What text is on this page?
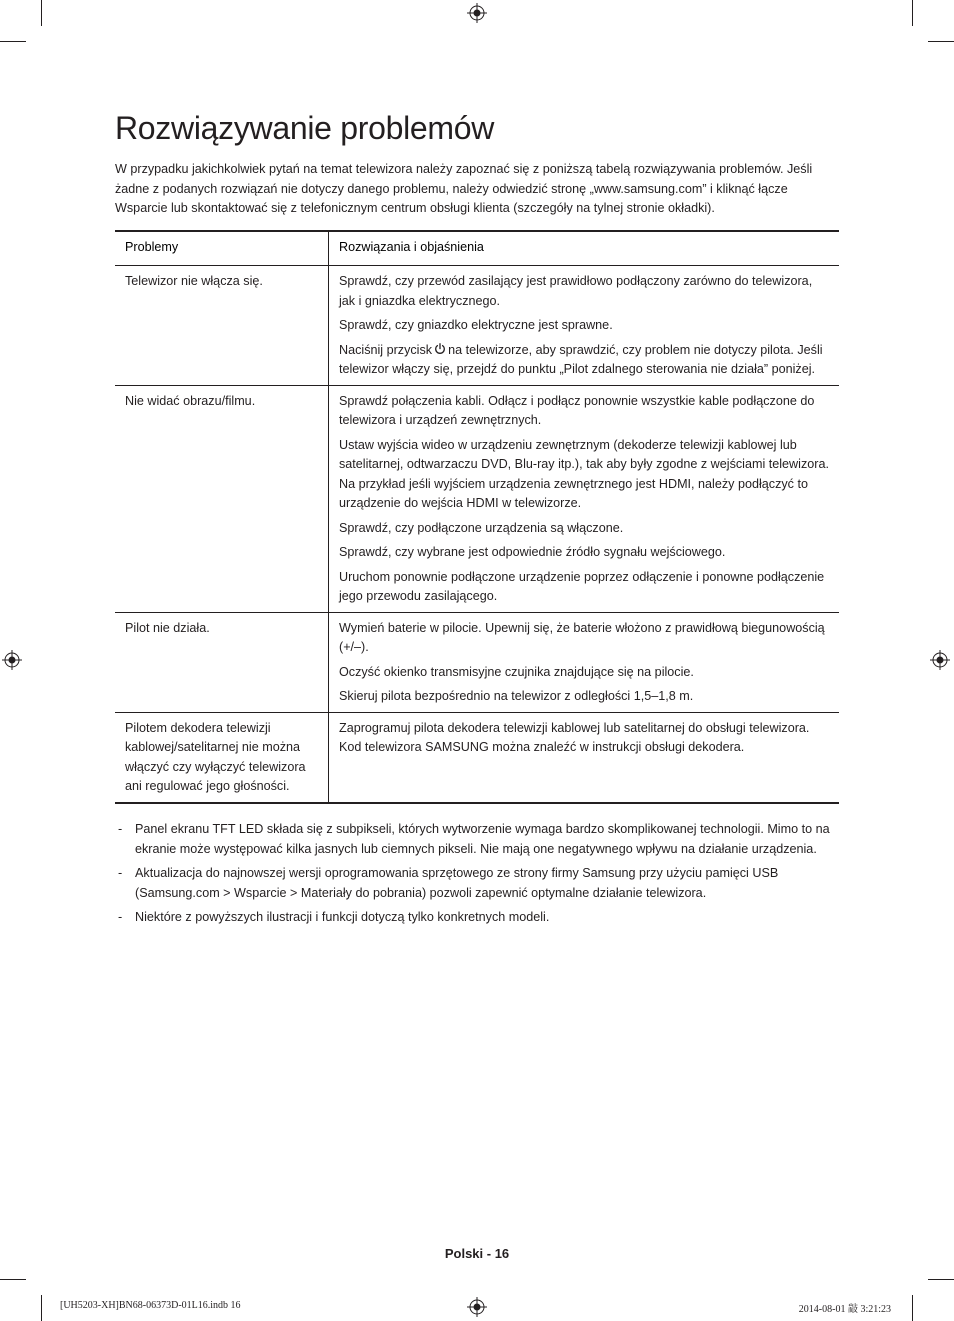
Rozwiązywanie problemów

W przypadku jakichkolwiek pytań na temat telewizora należy zapoznać się z poniższą tabelą rozwiązywania problemów. Jeśli żadne z podanych rozwiązań nie dotyczy danego problemu, należy odwiedzić stronę „www.samsung.com” i kliknąć łącze Wsparcie lub skontaktować się z telefonicznym centrum obsługi klienta (szczegóły na tylnej stronie okładki).

Problemy	Rozwiązania i objaśnienia
Telewizor nie włącza się.	Sprawdź, czy przewód zasilający jest prawidłowo podłączony zarówno do telewizora, jak i gniazdka elektrycznego.

Sprawdź, czy gniazdko elektryczne jest sprawne.

Naciśnij przycisk na telewizorze, aby sprawdzić, czy problem nie dotyczy pilota. Jeśli telewizor włączy się, przejdź do punktu „Pilot zdalnego sterowania nie działa” poniżej.

Nie widać obrazu/filmu.	Sprawdź połączenia kabli. Odłącz i podłącz ponownie wszystkie kable podłączone do telewizora i urządzeń zewnętrznych.

Ustaw wyjścia wideo w urządzeniu zewnętrznym (dekoderze telewizji kablowej lub satelitarnej, odtwarzaczu DVD, Blu-ray itp.), tak aby były zgodne z wejściami telewizora. Na przykład jeśli wyjściem urządzenia zewnętrznego jest HDMI, należy podłączyć to urządzenie do wejścia HDMI w telewizorze.

Sprawdź, czy podłączone urządzenia są włączone.

Sprawdź, czy wybrane jest odpowiednie źródło sygnału wejściowego.

Uruchom ponownie podłączone urządzenie poprzez odłączenie i ponowne podłączenie jego przewodu zasilającego.

Pilot nie działa.	Wymień baterie w pilocie. Upewnij się, że baterie włożono z prawidłową biegunowością (+/–).

Oczyść okienko transmisyjne czujnika znajdujące się na pilocie.

Skieruj pilota bezpośrednio na telewizor z odległości 1,5–1,8 m.

Pilotem dekodera telewizji kablowej/satelitarnej nie można włączyć czy wyłączyć telewizora ani regulować jego głośności.	Zaprogramuj pilota dekodera telewizji kablowej lub satelitarnej do obsługi telewizora. Kod telewizora SAMSUNG można znaleźć w instrukcji obsługi dekodera.

- Panel ekranu TFT LED składa się z subpikseli, których wytworzenie wymaga bardzo skomplikowanej technologii. Mimo to na ekranie może występować kilka jasnych lub ciemnych pikseli. Nie mają one negatywnego wpływu na działanie urządzenia.
- Aktualizacja do najnowszej wersji oprogramowania sprzętowego ze strony firmy Samsung przy użyciu pamięci USB (Samsung.com > Wsparcie > Materiały do pobrania) pozwoli zapewnić optymalne działanie telewizora.
- Niektóre z powyższych ilustracji i funkcji dotyczą tylko konkretnych modeli.
Polski - 16
[UH5203-XH]BN68-06373D-01L16.indb 16	2014-08-01 㪜 3:21:23
